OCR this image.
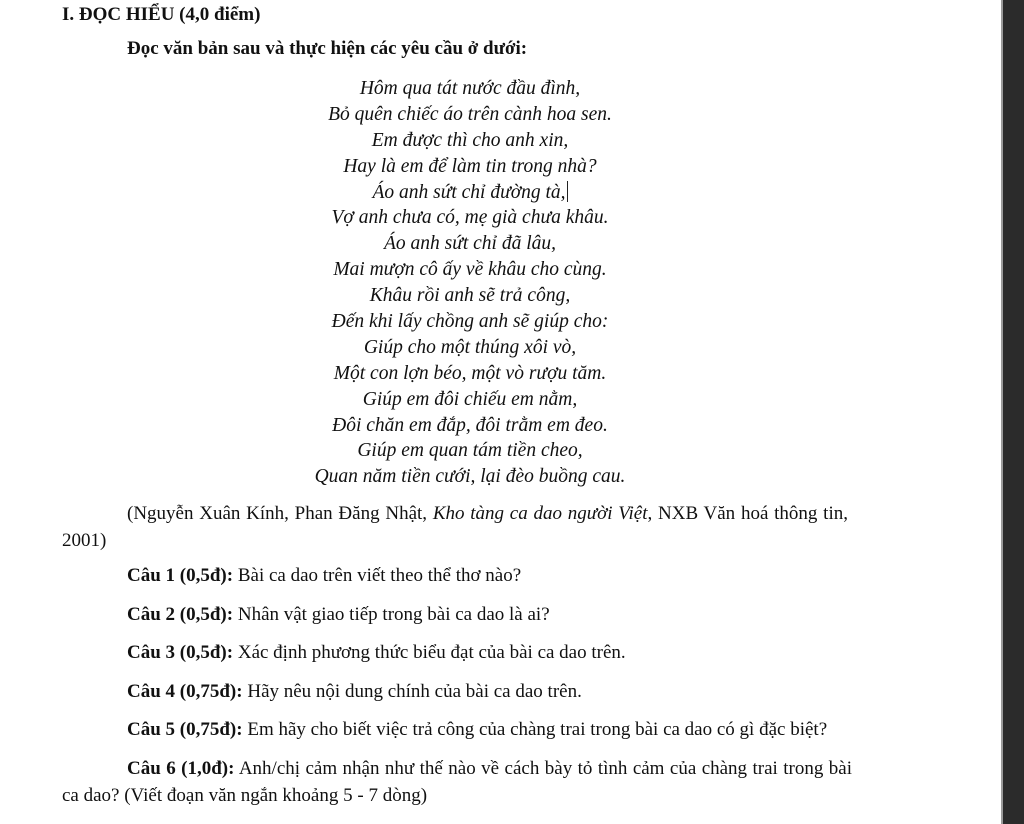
I. ĐỌC HIỂU (4,0 điểm)
Đọc văn bản sau và thực hiện các yêu cầu ở dưới:
Hôm qua tát nước đầu đình,
Bỏ quên chiếc áo trên cành hoa sen.
Em được thì cho anh xin,
Hay là em để làm tin trong nhà?
Áo anh sứt chỉ đường tà,
Vợ anh chưa có, mẹ già chưa khâu.
Áo anh sứt chỉ đã lâu,
Mai mượn cô ấy về khâu cho cùng.
Khâu rồi anh sẽ trả công,
Đến khi lấy chồng anh sẽ giúp cho:
Giúp cho một thúng xôi vò,
Một con lợn béo, một vò rượu tăm.
Giúp em đôi chiếu em nằm,
Đôi chăn em đắp, đôi trằm em đeo.
Giúp em quan tám tiền cheo,
Quan năm tiền cưới, lại đèo buồng cau.
(Nguyễn Xuân Kính, Phan Đăng Nhật, Kho tàng ca dao người Việt, NXB Văn hoá thông tin, 2001)

Câu 1 (0,5đ): Bài ca dao trên viết theo thể thơ nào?

Câu 2 (0,5đ): Nhân vật giao tiếp trong bài ca dao là ai?

Câu 3 (0,5đ): Xác định phương thức biểu đạt của bài ca dao trên.

Câu 4 (0,75đ): Hãy nêu nội dung chính của bài ca dao trên.

Câu 5 (0,75đ): Em hãy cho biết việc trả công của chàng trai trong bài ca dao có gì đặc biệt?

Câu 6 (1,0đ): Anh/chị cảm nhận như thế nào về cách bày tỏ tình cảm của chàng trai trong bài ca dao? (Viết đoạn văn ngắn khoảng 5 - 7 dòng)
